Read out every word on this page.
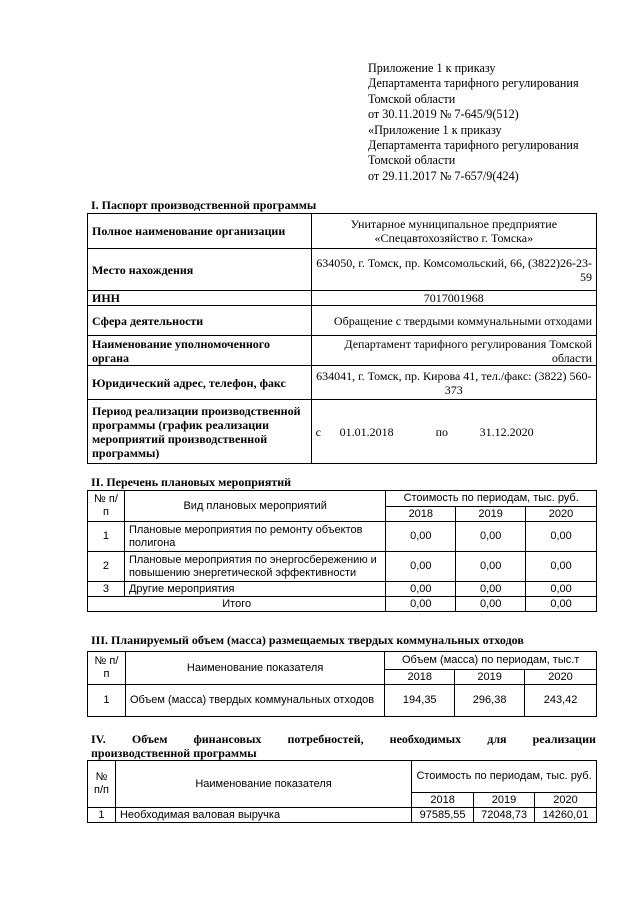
Приложение 1 к приказу
Департамента тарифного регулирования
Томской области
от 30.11.2019 № 7-645/9(512)
«Приложение 1 к приказу
Департамента тарифного регулирования
Томской области
от 29.11.2017 № 7-657/9(424)
I. Паспорт производственной программы
Полное наименование организации	Унитарное муниципальное предприятие «Спецавтохозяйство г. Томска»
Место нахождения	634050, г. Томск, пр. Комсомольский, 66, (3822)26-23-59
ИНН	7017001968
Сфера деятельности	Обращение с твердыми коммунальными отходами
Наименование уполномоченного органа	Департамент тарифного регулирования Томской области
Юридический адрес, телефон, факс	634041, г. Томск, пр. Кирова 41, тел./факс: (3822) 560-373
Период реализации производственной программы (график реализации мероприятий производственной программы)	с 01.01.2018 по 31.12.2020
II. Перечень плановых мероприятий
№ п/п	Вид плановых мероприятий	Стоимость по периодам, тыс. руб.		
		2018	2019	2020
1	Плановые мероприятия по ремонту объектов полигона	0,00	0,00	0,00
2	Плановые мероприятия по энергосбережению и повышению энергетической эффективности	0,00	0,00	0,00
3	Другие мероприятия	0,00	0,00	0,00
Итого		0,00	0,00	0,00
III. Планируемый объем (масса) размещаемых твердых коммунальных отходов
№ п/п	Наименование показателя	Объем (масса) по периодам, тыс.т		
		2018	2019	2020
1	Объем (масса) твердых коммунальных отходов	194,35	296,38	243,42
IV. Объем финансовых потребностей, необходимых для реализации
производственной программы
№ п/п	Наименование показателя	Стоимость по периодам, тыс. руб.		
		2018	2019	2020
1	Необходимая валовая выручка	97585,55	72048,73	14260,01
